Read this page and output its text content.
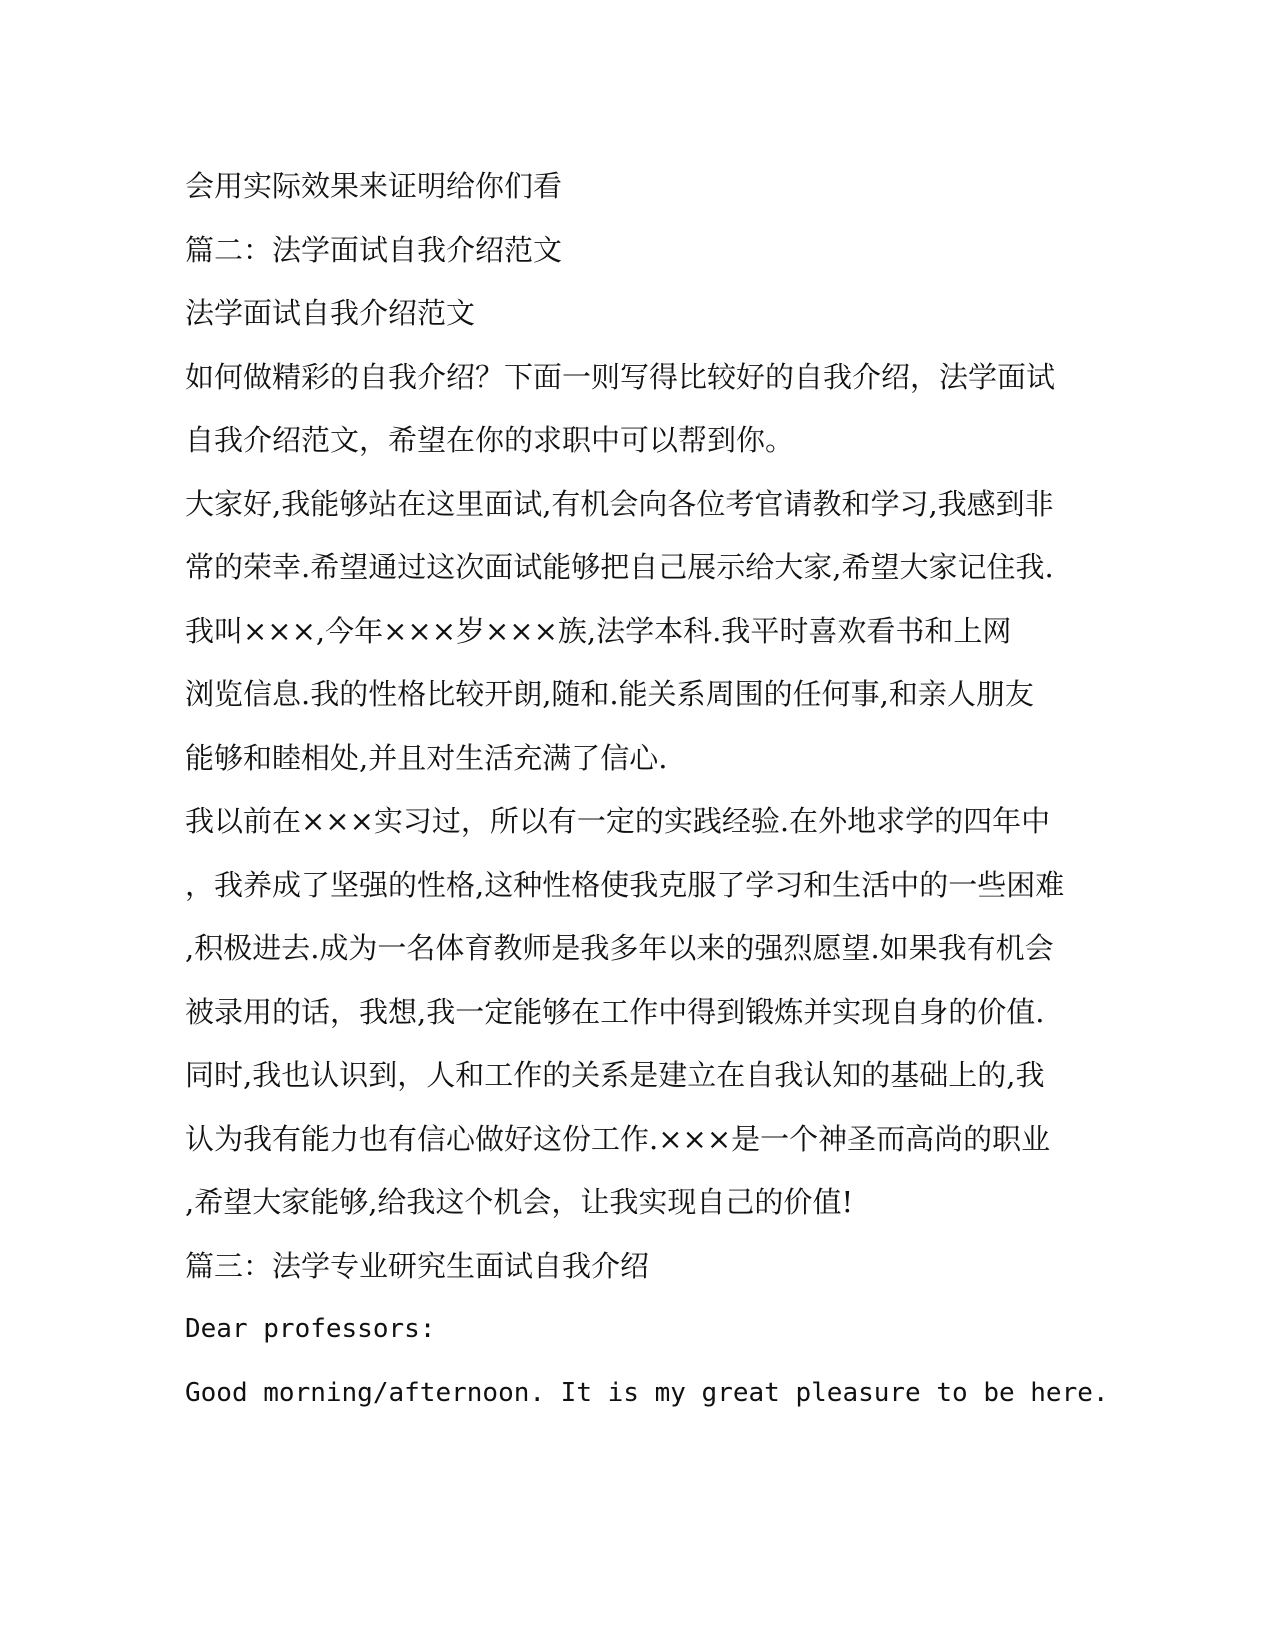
会用实际效果来证明给你们看
篇二：法学面试自我介绍范文
法学面试自我介绍范文
如何做精彩的自我介绍？下面一则写得比较好的自我介绍，法学面试
自我介绍范文，希望在你的求职中可以帮到你。
大家好,我能够站在这里面试,有机会向各位考官请教和学习,我感到非
常的荣幸.希望通过这次面试能够把自己展示给大家,希望大家记住我.
我叫×××,今年×××岁×××族,法学本科.我平时喜欢看书和上网
浏览信息.我的性格比较开朗,随和.能关系周围的任何事,和亲人朋友
能够和睦相处,并且对生活充满了信心.
我以前在×××实习过，所以有一定的实践经验.在外地求学的四年中
，我养成了坚强的性格,这种性格使我克服了学习和生活中的一些困难
,积极进去.成为一名体育教师是我多年以来的强烈愿望.如果我有机会
被录用的话，我想,我一定能够在工作中得到锻炼并实现自身的价值.
同时,我也认识到，人和工作的关系是建立在自我认知的基础上的,我
认为我有能力也有信心做好这份工作.×××是一个神圣而高尚的职业
,希望大家能够,给我这个机会，让我实现自己的价值!
篇三：法学专业研究生面试自我介绍
Dear professors:
Good morning/afternoon. It is my great pleasure to be here.
